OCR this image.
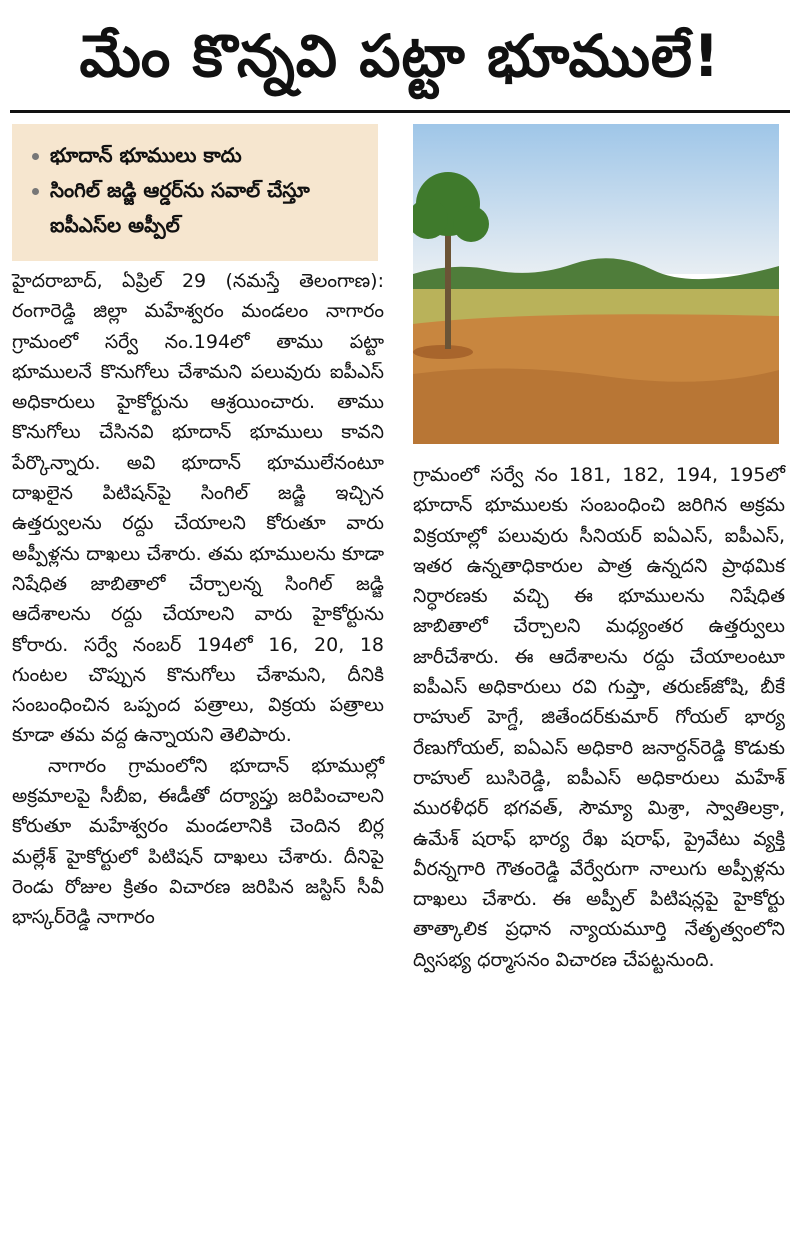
మేం కొన్నవి పట్టా భూములే!
భూదాన్ భూములు కాదు
సింగిల్ జడ్జి ఆర్డర్‌ను సవాల్ చేస్తూ ఐపీఎస్‌ల అప్పీల్

హైదరాబాద్, ఏప్రిల్ 29 (నమస్తే తెలంగాణ): రంగారెడ్డి జిల్లా మహేశ్వరం మండలం నాగారం గ్రామంలో సర్వే నం.194లో తాము పట్టా భూములనే కొనుగోలు చేశామని పలువురు ఐపీఎస్ అధికారులు హైకోర్టును ఆశ్రయించారు. తాము కొనుగోలు చేసినవి భూదాన్ భూములు కావని పేర్కొన్నారు. అవి భూదాన్ భూములేనంటూ దాఖలైన పిటిషన్‌పై సింగిల్ జడ్జి ఇచ్చిన ఉత్తర్వులను రద్దు చేయాలని కోరుతూ వారు అప్పీళ్లను దాఖలు చేశారు. తమ భూములను కూడా నిషేధిత జాబితాలో చేర్చాలన్న సింగిల్ జడ్జి ఆదేశాలను రద్దు చేయాలని వారు హైకోర్టును కోరారు. సర్వే నంబర్ 194లో 16, 20, 18 గుంటల చొప్పున కొనుగోలు చేశామని, దీనికి సంబంధించిన ఒప్పంద పత్రాలు, విక్రయ పత్రాలు కూడా తమ వద్ద ఉన్నాయని తెలిపారు.

నాగారం గ్రామంలోని భూదాన్ భూముల్లో అక్రమాలపై సీబీఐ, ఈడీతో దర్యాప్తు జరిపించాలని కోరుతూ మహేశ్వరం మండలానికి చెందిన బిర్ల మల్లేశ్ హైకోర్టులో పిటిషన్ దాఖలు చేశారు. దీనిపై రెండు రోజుల క్రితం విచారణ జరిపిన జస్టిస్ సీవీ భాస్కర్‌రెడ్డి నాగారం

గ్రామంలో సర్వే నం 181, 182, 194, 195లో భూదాన్ భూములకు సంబంధించి జరిగిన అక్రమ విక్రయాల్లో పలువురు సీనియర్ ఐఏఎస్, ఐపీఎస్, ఇతర ఉన్నతాధికారుల పాత్ర ఉన్నదని ప్రాథమిక నిర్ధారణకు వచ్చి ఈ భూములను నిషేధిత జాబితాలో చేర్చాలని మధ్యంతర ఉత్తర్వులు జారీచేశారు. ఈ ఆదేశాలను రద్దు చేయాలంటూ ఐపీఎస్ అధికారులు రవి గుప్తా, తరుణ్‌జోషి, బీకే రాహుల్ హెగ్డే, జితేందర్‌కుమార్ గోయల్ భార్య రేణుగోయల్, ఐఏఎస్ అధికారి జనార్దన్‌రెడ్డి కొడుకు రాహుల్ బుసిరెడ్డి, ఐపీఎస్ అధికారులు మహేశ్ మురళీధర్ భగవత్, సౌమ్యా మిశ్రా, స్వాతిలక్రా, ఉమేశ్ షరాఫ్ భార్య రేఖ షరాఫ్, ప్రైవేటు వ్యక్తి వీరన్నగారి గౌతంరెడ్డి వేర్వేరుగా నాలుగు అప్పీళ్లను దాఖలు చేశారు. ఈ అప్పీల్ పిటిషన్లపై హైకోర్టు తాత్కాలిక ప్రధాన న్యాయమూర్తి నేతృత్వంలోని ద్విసభ్య ధర్మాసనం విచారణ చేపట్టనుంది.
